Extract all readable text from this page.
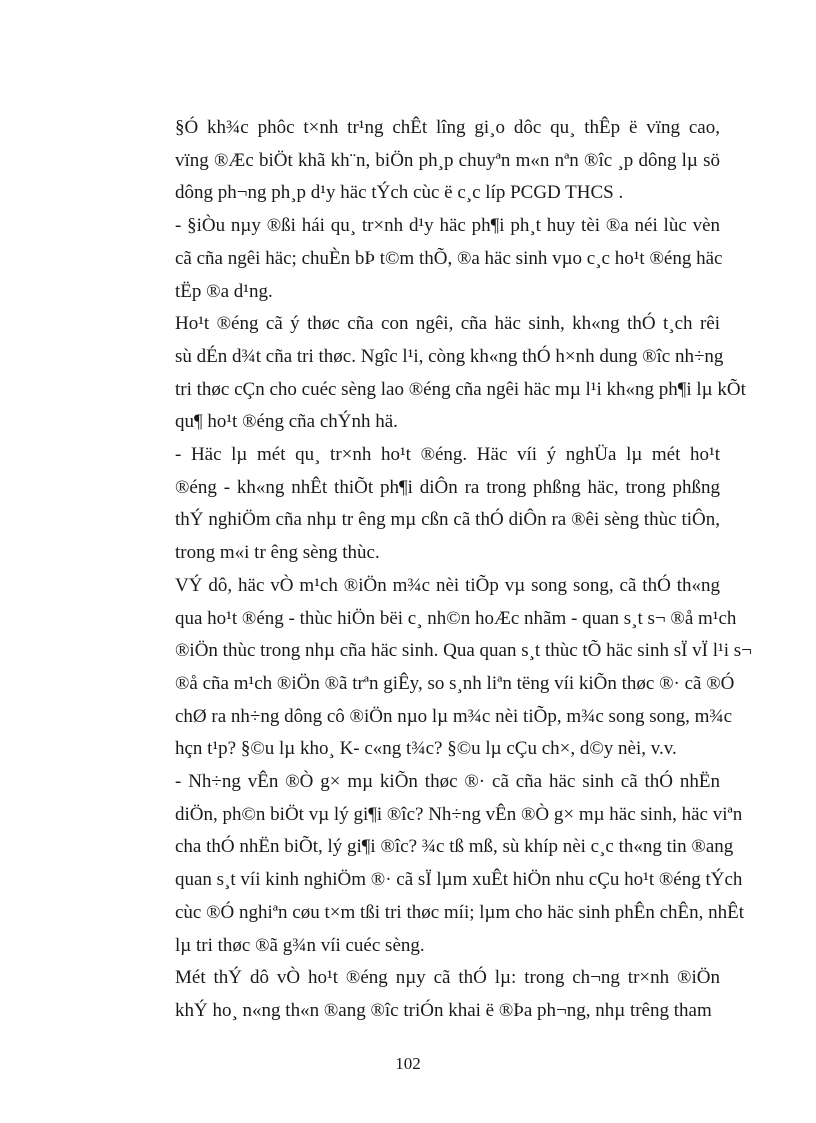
§Ó kh¾c phôc t×nh tr¹ng chÊt lîng gi¸o dôc qu¸ thÊp ë vïng cao,
vïng ®Æc biÖt khã kh¨n, biÖn ph¸p chuyªn m«n nªn ®îc ¸p dông lµ sö
dông ph¬ng ph¸p d¹y häc tÝch cùc ë c¸c líp PCGD THCS .

- §iÒu nµy ®ßi hái qu¸ tr×nh d¹y häc ph¶i ph¸t huy tèi ®a néi lùc vèn
cã cña ngêi häc; chuÈn bÞ t©m thÕ, ®a häc sinh vµo c¸c ho¹t ®éng häc
tËp ®a d¹ng.

Ho¹t ®éng cã ý thøc cña con ngêi, cña häc sinh, kh«ng thÓ t¸ch rêi
sù dÉn d¾t cña tri thøc. Ngîc l¹i, còng kh«ng thÓ h×nh dung ®îc nh÷ng
tri thøc cÇn cho cuéc sèng lao ®éng cña ngêi häc mµ l¹i kh«ng ph¶i lµ kÕt
qu¶ ho¹t ®éng cña chÝnh hä.

- Häc lµ mét qu¸ tr×nh ho¹t ®éng. Häc víi ý nghÜa lµ mét ho¹t
®éng - kh«ng nhÊt thiÕt ph¶i diÔn ra trong phßng häc, trong phßng
thÝ nghiÖm cña nhµ tr êng mµ cßn cã thÓ diÔn ra ®êi sèng thùc tiÔn,
trong m«i tr êng sèng thùc.

VÝ dô, häc vÒ m¹ch ®iÖn m¾c nèi tiÕp vµ song song, cã thÓ th«ng
qua ho¹t ®éng - thùc hiÖn bëi c¸ nh©n hoÆc nhãm - quan s¸t s¬ ®å m¹ch
®iÖn thùc trong nhµ cña häc sinh. Qua quan s¸t thùc tÕ häc sinh sÏ vÏ l¹i s¬
®å cña m¹ch ®iÖn ®ã trªn giÊy, so s¸nh liªn tëng víi kiÕn thøc ®· cã ®Ó
chØ ra nh÷ng dông cô ®iÖn nµo lµ m¾c nèi tiÕp, m¾c song song, m¾c
hçn t¹p? §©u lµ kho¸ K- c«ng t¾c? §©u lµ cÇu ch×, d©y nèi, v.v.

- Nh÷ng vÊn ®Ò g× mµ kiÕn thøc ®· cã cña häc sinh cã thÓ nhËn
diÖn, ph©n biÖt vµ lý gi¶i ®îc? Nh÷ng vÊn ®Ò g× mµ häc sinh, häc viªn
cha thÓ nhËn biÕt, lý gi¶i ®îc? ¾c tß mß, sù khíp nèi c¸c th«ng tin ®ang
quan s¸t víi kinh nghiÖm ®· cã sÏ lµm xuÊt hiÖn nhu cÇu ho¹t ®éng tÝch
cùc ®Ó nghiªn cøu t×m tßi tri thøc míi; lµm cho häc sinh phÊn chÊn, nhÊt
lµ tri thøc ®ã g¾n víi cuéc sèng.

Mét thÝ dô vÒ ho¹t ®éng nµy cã thÓ lµ: trong ch¬ng tr×nh ®iÖn
khÝ ho¸ n«ng th«n ®ang ®îc triÓn khai ë ®Þa ph¬ng, nhµ trêng tham

102
